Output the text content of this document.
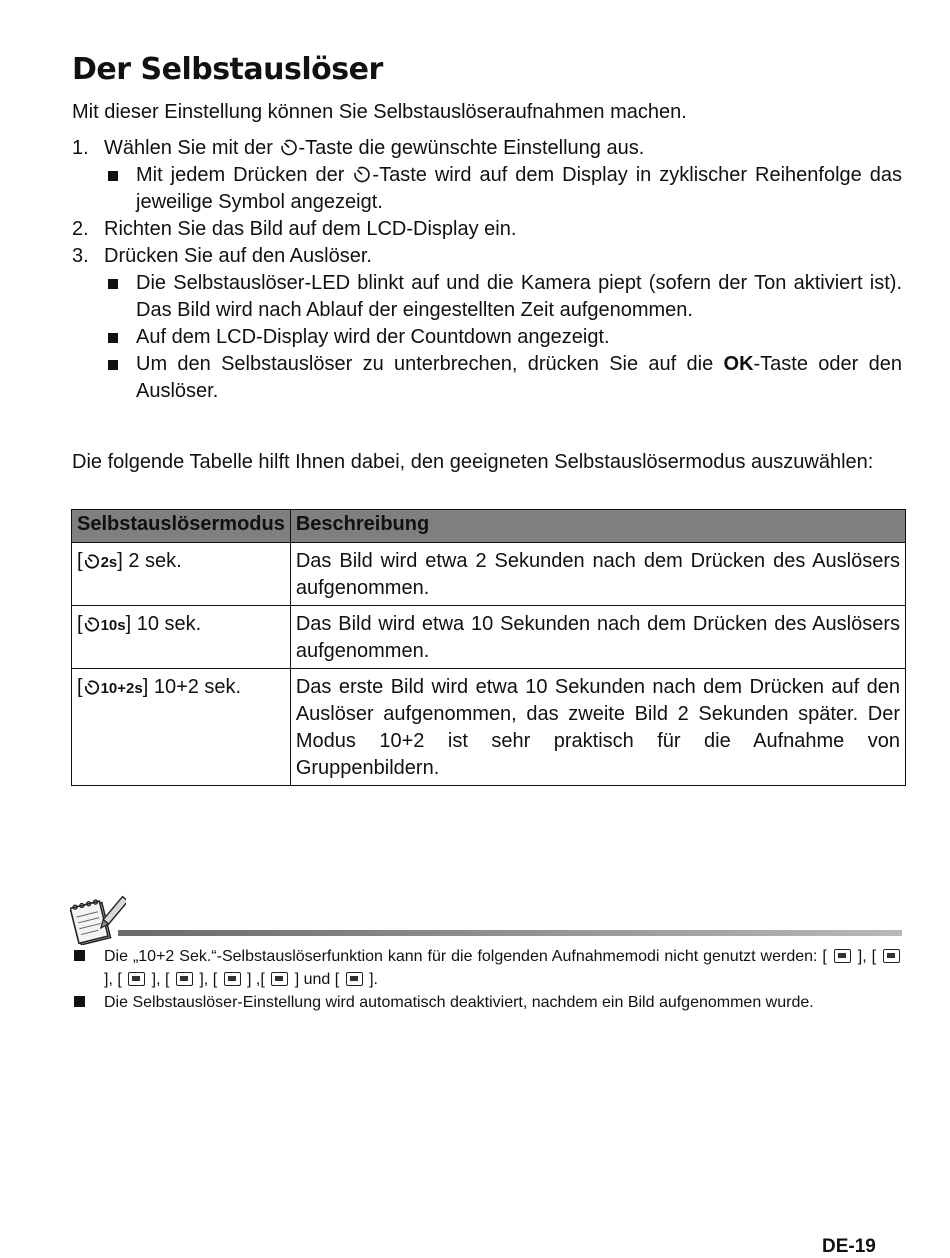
Der Selbstauslöser
Mit dieser Einstellung können Sie Selbstauslöseraufnahmen machen.
1. Wählen Sie mit der -Taste die gewünschte Einstellung aus.
Mit jedem Drücken der -Taste wird auf dem Display in zyklischer Reihenfolge das jeweilige Symbol angezeigt.
2. Richten Sie das Bild auf dem LCD-Display ein.
3. Drücken Sie auf den Auslöser.
Die Selbstauslöser-LED blinkt auf und die Kamera piept (sofern der Ton aktiviert ist). Das Bild wird nach Ablauf der eingestellten Zeit aufgenommen.
Auf dem LCD-Display wird der Countdown angezeigt.
Um den Selbstauslöser zu unterbrechen, drücken Sie auf die OK-Taste oder den Auslöser.
Die folgende Tabelle hilft Ihnen dabei, den geeigneten Selbstauslösermodus auszuwählen:
Selbstauslösermodus	Beschreibung
[ 2s] 2 sek.	Das Bild wird etwa 2 Sekunden nach dem Drücken des Auslösers aufgenommen.
[ 10s] 10 sek.	Das Bild wird etwa 10 Sekunden nach dem Drücken des Auslösers aufgenommen.
[ 10+2s] 10+2 sek.	Das erste Bild wird etwa 10 Sekunden nach dem Drücken auf den Auslöser aufgenommen, das zweite Bild 2 Sekunden später. Der Modus 10+2 ist sehr praktisch für die Aufnahme von Gruppenbildern.
Die „10+2 Sek.“-Selbstauslöserfunktion kann für die folgenden Aufnahmemodi nicht genutzt werden: [  ], [  ], [  ], [  ], [  ] ,[  ] und [  ].
Die Selbstauslöser-Einstellung wird automatisch deaktiviert, nachdem ein Bild aufgenommen wurde.
DE-19
